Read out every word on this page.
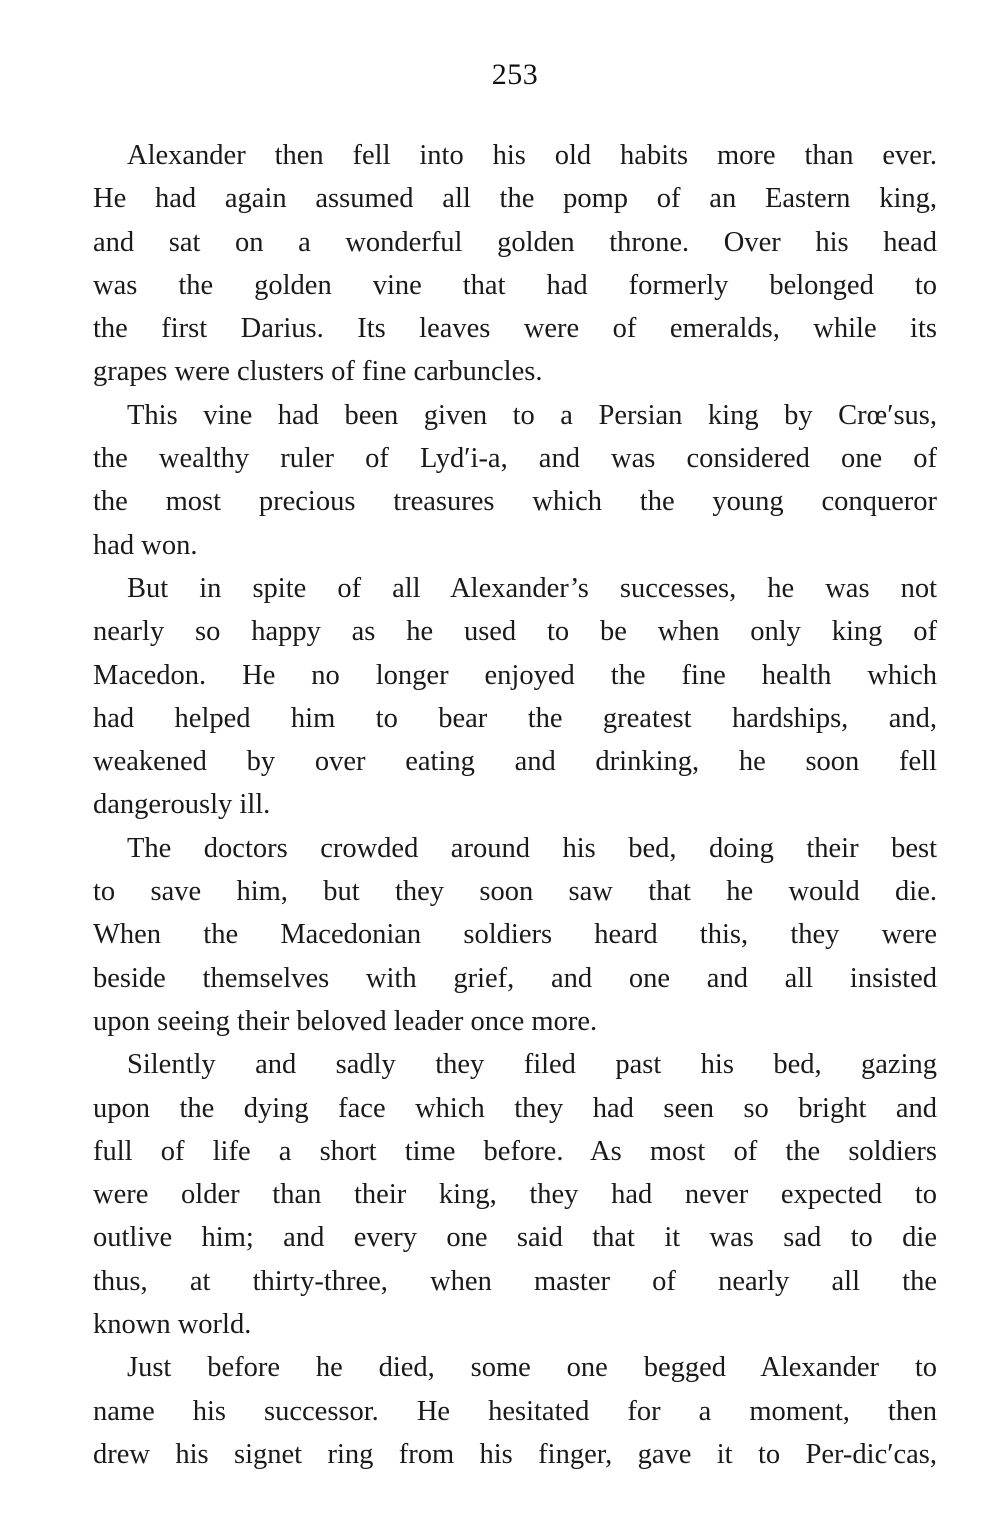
253

Alexander then fell into his old habits more than ever.
He had again assumed all the pomp of an Eastern king,
and sat on a wonderful golden throne. Over his head
was the golden vine that had formerly belonged to
the first Darius. Its leaves were of emeralds, while its
grapes were clusters of fine carbuncles.

This vine had been given to a Persian king by Crœ′sus,
the wealthy ruler of Lyd′i-a, and was considered one of
the most precious treasures which the young conqueror
had won.

But in spite of all Alexander’s successes, he was not
nearly so happy as he used to be when only king of
Macedon. He no longer enjoyed the fine health which
had helped him to bear the greatest hardships, and,
weakened by over eating and drinking, he soon fell
dangerously ill.

The doctors crowded around his bed, doing their best
to save him, but they soon saw that he would die.
When the Macedonian soldiers heard this, they were
beside themselves with grief, and one and all insisted
upon seeing their beloved leader once more.

Silently and sadly they filed past his bed, gazing
upon the dying face which they had seen so bright and
full of life a short time before. As most of the soldiers
were older than their king, they had never expected to
outlive him; and every one said that it was sad to die
thus, at thirty-three, when master of nearly all the
known world.

Just before he died, some one begged Alexander to
name his successor. He hesitated for a moment, then
drew his signet ring from his finger, gave it to Per-dic′cas,
